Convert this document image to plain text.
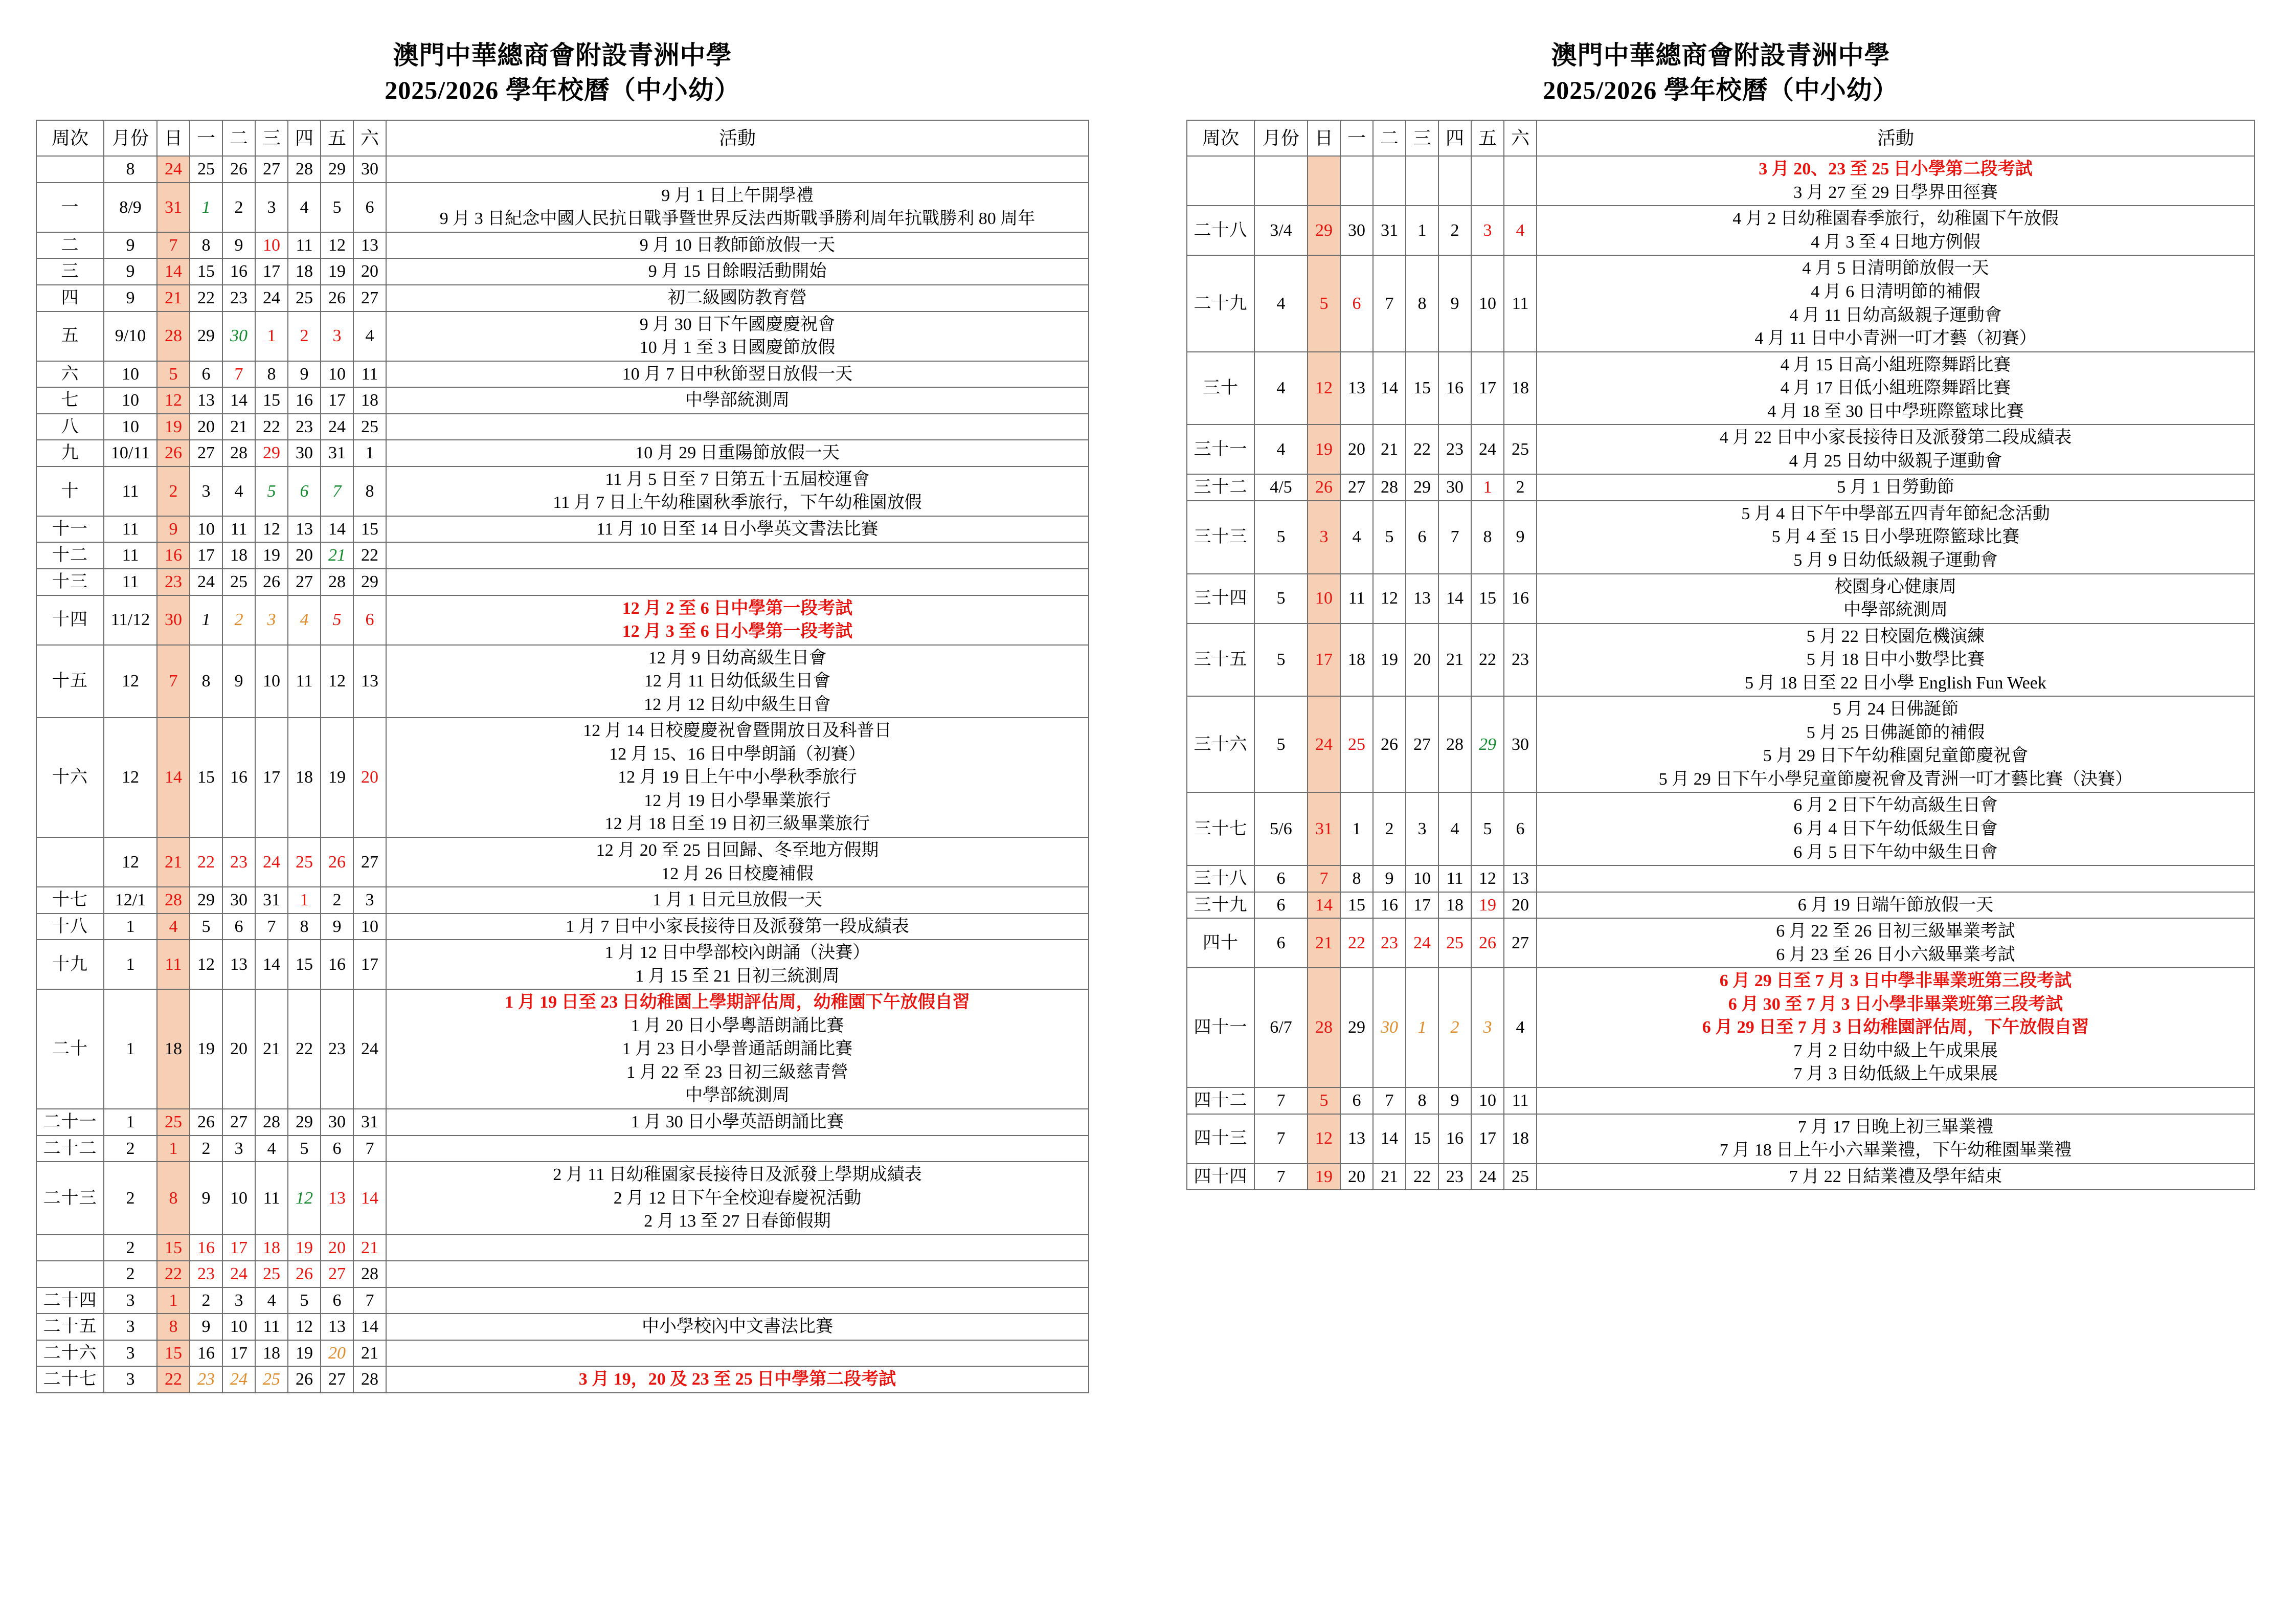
澳門中華總商會附設青洲中學
2025/2026 學年校曆（中小幼）
周次	月份	日	一	二	三	四	五	六	活動
	8	24	25	26	27	28	29	30	
一	8/9	31	1	2	3	4	5	6	9 月 1 日上午開學禮
9 月 3 日紀念中國人民抗日戰爭暨世界反法西斯戰爭勝利周年抗戰勝利 80 周年

二	9	7	8	9	10	11	12	13	9 月 10 日教師節放假一天

三	9	14	15	16	17	18	19	20	9 月 15 日餘暇活動開始

四	9	21	22	23	24	25	26	27	初二級國防教育營

五	9/10	28	29	30	1	2	3	4	9 月 30 日下午國慶慶祝會
10 月 1 至 3 日國慶節放假

六	10	5	6	7	8	9	10	11	10 月 7 日中秋節翌日放假一天

七	10	12	13	14	15	16	17	18	中學部統測周

八	10	19	20	21	22	23	24	25	
九	10/11	26	27	28	29	30	31	1	10 月 29 日重陽節放假一天

十	11	2	3	4	5	6	7	8	11 月 5 日至 7 日第五十五屆校運會
11 月 7 日上午幼稚園秋季旅行，下午幼稚園放假

十一	11	9	10	11	12	13	14	15	11 月 10 日至 14 日小學英文書法比賽

十二	11	16	17	18	19	20	21	22	
十三	11	23	24	25	26	27	28	29	
十四	11/12	30	1	2	3	4	5	6	12 月 2 至 6 日中學第一段考試
12 月 3 至 6 日小學第一段考試

十五	12	7	8	9	10	11	12	13	12 月 9 日幼高級生日會
12 月 11 日幼低級生日會
12 月 12 日幼中級生日會

十六	12	14	15	16	17	18	19	20	12 月 14 日校慶慶祝會暨開放日及科普日
12 月 15、16 日中學朗誦（初賽）
12 月 19 日上午中小學秋季旅行
12 月 19 日小學畢業旅行
12 月 18 日至 19 日初三級畢業旅行

	12	21	22	23	24	25	26	27	12 月 20 至 25 日回歸、冬至地方假期
12 月 26 日校慶補假

十七	12/1	28	29	30	31	1	2	3	1 月 1 日元旦放假一天

十八	1	4	5	6	7	8	9	10	1 月 7 日中小家長接待日及派發第一段成績表

十九	1	11	12	13	14	15	16	17	1 月 12 日中學部校內朗誦（決賽）
1 月 15 至 21 日初三統測周

二十	1	18	19	20	21	22	23	24	1 月 19 日至 23 日幼稚園上學期評估周，幼稚園下午放假自習
1 月 20 日小學粵語朗誦比賽
1 月 23 日小學普通話朗誦比賽
1 月 22 至 23 日初三級慈青營
中學部統測周

二十一	1	25	26	27	28	29	30	31	1 月 30 日小學英語朗誦比賽

二十二	2	1	2	3	4	5	6	7	
二十三	2	8	9	10	11	12	13	14	2 月 11 日幼稚園家長接待日及派發上學期成績表
2 月 12 日下午全校迎春慶祝活動
2 月 13 至 27 日春節假期

	2	15	16	17	18	19	20	21	
	2	22	23	24	25	26	27	28	
二十四	3	1	2	3	4	5	6	7	
二十五	3	8	9	10	11	12	13	14	中小學校內中文書法比賽

二十六	3	15	16	17	18	19	20	21	
二十七	3	22	23	24	25	26	27	28	3 月 19，20 及 23 至 25 日中學第二段考試
澳門中華總商會附設青洲中學
2025/2026 學年校曆（中小幼）
周次	月份	日	一	二	三	四	五	六	活動

									3 月 20、23 至 25 日小學第二段考試
3 月 27 至 29 日學界田徑賽

二十八	3/4	29	30	31	1	2	3	4	4 月 2 日幼稚園春季旅行，幼稚園下午放假
4 月 3 至 4 日地方例假

二十九	4	5	6	7	8	9	10	11	4 月 5 日清明節放假一天
4 月 6 日清明節的補假
4 月 11 日幼高級親子運動會
4 月 11 日中小青洲一叮才藝（初賽）

三十	4	12	13	14	15	16	17	18	4 月 15 日高小組班際舞蹈比賽
4 月 17 日低小組班際舞蹈比賽
4 月 18 至 30 日中學班際籃球比賽

三十一	4	19	20	21	22	23	24	25	4 月 22 日中小家長接待日及派發第二段成績表
4 月 25 日幼中級親子運動會

三十二	4/5	26	27	28	29	30	1	2	5 月 1 日勞動節

三十三	5	3	4	5	6	7	8	9	5 月 4 日下午中學部五四青年節紀念活動
5 月 4 至 15 日小學班際籃球比賽
5 月 9 日幼低級親子運動會

三十四	5	10	11	12	13	14	15	16	校園身心健康周
中學部統測周

三十五	5	17	18	19	20	21	22	23	5 月 22 日校園危機演練
5 月 18 日中小數學比賽
5 月 18 日至 22 日小學 English Fun Week

三十六	5	24	25	26	27	28	29	30	5 月 24 日佛誕節
5 月 25 日佛誕節的補假
5 月 29 日下午幼稚園兒童節慶祝會
5 月 29 日下午小學兒童節慶祝會及青洲一叮才藝比賽（決賽）

三十七	5/6	31	1	2	3	4	5	6	6 月 2 日下午幼高級生日會
6 月 4 日下午幼低級生日會
6 月 5 日下午幼中級生日會

三十八	6	7	8	9	10	11	12	13	
三十九	6	14	15	16	17	18	19	20	6 月 19 日端午節放假一天

四十	6	21	22	23	24	25	26	27	6 月 22 至 26 日初三級畢業考試
6 月 23 至 26 日小六級畢業考試

四十一	6/7	28	29	30	1	2	3	4	6 月 29 日至 7 月 3 日中學非畢業班第三段考試
6 月 30 至 7 月 3 日小學非畢業班第三段考試
6 月 29 日至 7 月 3 日幼稚園評估周，下午放假自習
7 月 2 日幼中級上午成果展
7 月 3 日幼低級上午成果展

四十二	7	5	6	7	8	9	10	11	
四十三	7	12	13	14	15	16	17	18	7 月 17 日晚上初三畢業禮
7 月 18 日上午小六畢業禮，下午幼稚園畢業禮

四十四	7	19	20	21	22	23	24	25	7 月 22 日結業禮及學年結束
